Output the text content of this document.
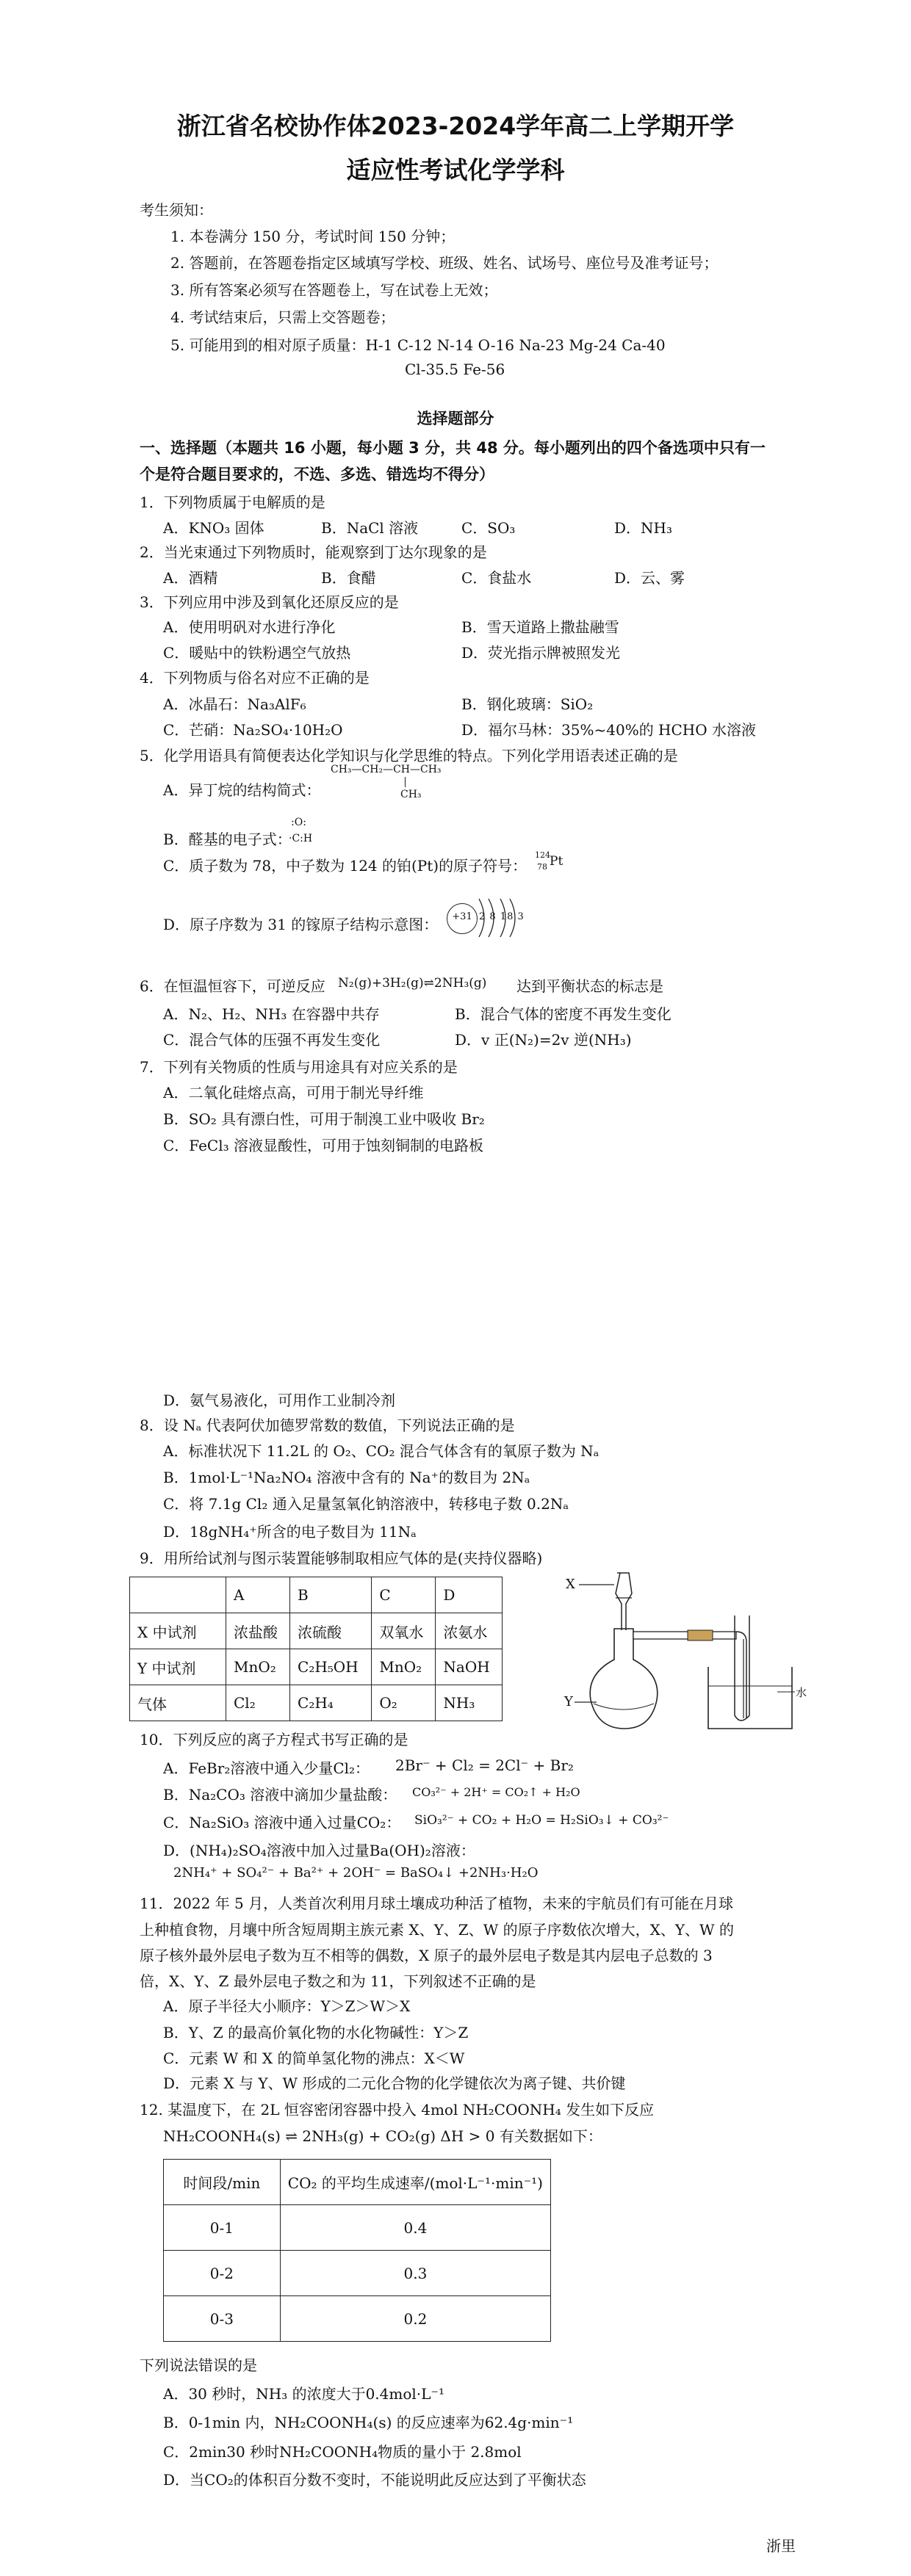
浙江省名校协作体2023-2024学年高二上学期开学
适应性考试化学学科
考生须知：
1. 本卷满分 150 分，考试时间 150 分钟；
2. 答题前，在答题卷指定区域填写学校、班级、姓名、试场号、座位号及准考证号；
3. 所有答案必须写在答题卷上，写在试卷上无效；
4. 考试结束后，只需上交答题卷；
5. 可能用到的相对原子质量：H-1 C-12 N-14 O-16 Na-23 Mg-24 Ca-40
Cl-35.5 Fe-56
选择题部分
一、选择题（本题共 16 小题，每小题 3 分，共 48 分。每小题列出的四个备选项中只有一
个是符合题目要求的，不选、多选、错选均不得分）
1．下列物质属于电解质的是
A．KNO₃ 固体	B．NaCl 溶液	C．SO₃	D．NH₃
2．当光束通过下列物质时，能观察到丁达尔现象的是
A．酒精	B．食醋	C．食盐水	D．云、雾
3．下列应用中涉及到氧化还原反应的是
A．使用明矾对水进行净化	B．雪天道路上撒盐融雪
C．暖贴中的铁粉遇空气放热	D．荧光指示牌被照发光
4．下列物质与俗名对应不正确的是
A．冰晶石：Na₃AlF₆	B．钢化玻璃：SiO₂
C．芒硝：Na₂SO₄·10H₂O	D．福尔马林：35%~40%的 HCHO 水溶液
5．化学用语具有简便表达化学知识与化学思维的特点。下列化学用语表述正确的是
CH₃—CH₂—CH—CH₃
CH₃
A．异丁烷的结构简式：
B．醛基的电子式：
:O:
·C:H
C．质子数为 78，中子数为 124 的铂(Pt)的原子符号：
124
78 Pt
D．原子序数为 31 的镓原子结构示意图：	+31 2 8 18 3
6．在恒温恒容下，可逆反应 N₂(g)+3H₂(g)⇌2NH₃(g) 达到平衡状态的标志是
A．N₂、H₂、NH₃ 在容器中共存	B．混合气体的密度不再发生变化
C．混合气体的压强不再发生变化	D．v 正(N₂)=2v 逆(NH₃)
7．下列有关物质的性质与用途具有对应关系的是
A．二氧化硅熔点高，可用于制光导纤维
B．SO₂ 具有漂白性，可用于制溴工业中吸收 Br₂
C．FeCl₃ 溶液显酸性，可用于蚀刻铜制的电路板
D．氨气易液化，可用作工业制冷剂
8．设 Nₐ 代表阿伏加德罗常数的数值，下列说法正确的是
A．标准状况下 11.2L 的 O₂、CO₂ 混合气体含有的氧原子数为 Nₐ
B．1mol·L⁻¹Na₂NO₄ 溶液中含有的 Na⁺的数目为 2Nₐ
C．将 7.1g Cl₂ 通入足量氢氧化钠溶液中，转移电子数 0.2Nₐ
D．18gNH₄⁺所含的电子数目为 11Nₐ
9．用所给试剂与图示装置能够制取相应气体的是(夹持仪器略)
	A	B	C	D
X 中试剂	浓盐酸	浓硫酸	双氧水	浓氨水
Y 中试剂	MnO₂	C₂H₅OH	MnO₂	NaOH
气体	Cl₂	C₂H₄	O₂	NH₃
X
Y
水
10．下列反应的离子方程式书写正确的是
A．FeBr₂溶液中通入少量Cl₂： 2Br⁻ + Cl₂ = 2Cl⁻ + Br₂
B．Na₂CO₃ 溶液中滴加少量盐酸： CO₃²⁻ + 2H⁺ = CO₂↑ + H₂O
C．Na₂SiO₃ 溶液中通入过量CO₂： SiO₃²⁻ + CO₂ + H₂O = H₂SiO₃↓ + CO₃²⁻
D．(NH₄)₂SO₄溶液中加入过量Ba(OH)₂溶液：
2NH₄⁺ + SO₄²⁻ + Ba²⁺ + 2OH⁻ = BaSO₄↓ +2NH₃·H₂O
11．2022 年 5 月，人类首次利用月球土壤成功种活了植物，未来的宇航员们有可能在月球
上种植食物，月壤中所含短周期主族元素 X、Y、Z、W 的原子序数依次增大，X、Y、W 的
原子核外最外层电子数为互不相等的偶数，X 原子的最外层电子数是其内层电子总数的 3
倍，X、Y、Z 最外层电子数之和为 11，下列叙述不正确的是
A．原子半径大小顺序：Y＞Z＞W＞X
B．Y、Z 的最高价氧化物的水化物碱性：Y＞Z
C．元素 W 和 X 的简单氢化物的沸点：X＜W
D．元素 X 与 Y、W 形成的二元化合物的化学键依次为离子键、共价键
12. 某温度下，在 2L 恒容密闭容器中投入 4mol NH₂COONH₄ 发生如下反应
NH₂COONH₄(s) ⇌ 2NH₃(g) + CO₂(g) ΔH > 0 有关数据如下：
时间段/min	CO₂ 的平均生成速率/(mol·L⁻¹·min⁻¹)
0-1	0.4
0-2	0.3
0-3	0.2
下列说法错误的是
A．30 秒时，NH₃ 的浓度大于0.4mol·L⁻¹
B．0-1min 内，NH₂COONH₄(s) 的反应速率为62.4g·min⁻¹
C．2min30 秒时NH₂COONH₄物质的量小于 2.8mol
D．当CO₂的体积百分数不变时，不能说明此反应达到了平衡状态
浙里
